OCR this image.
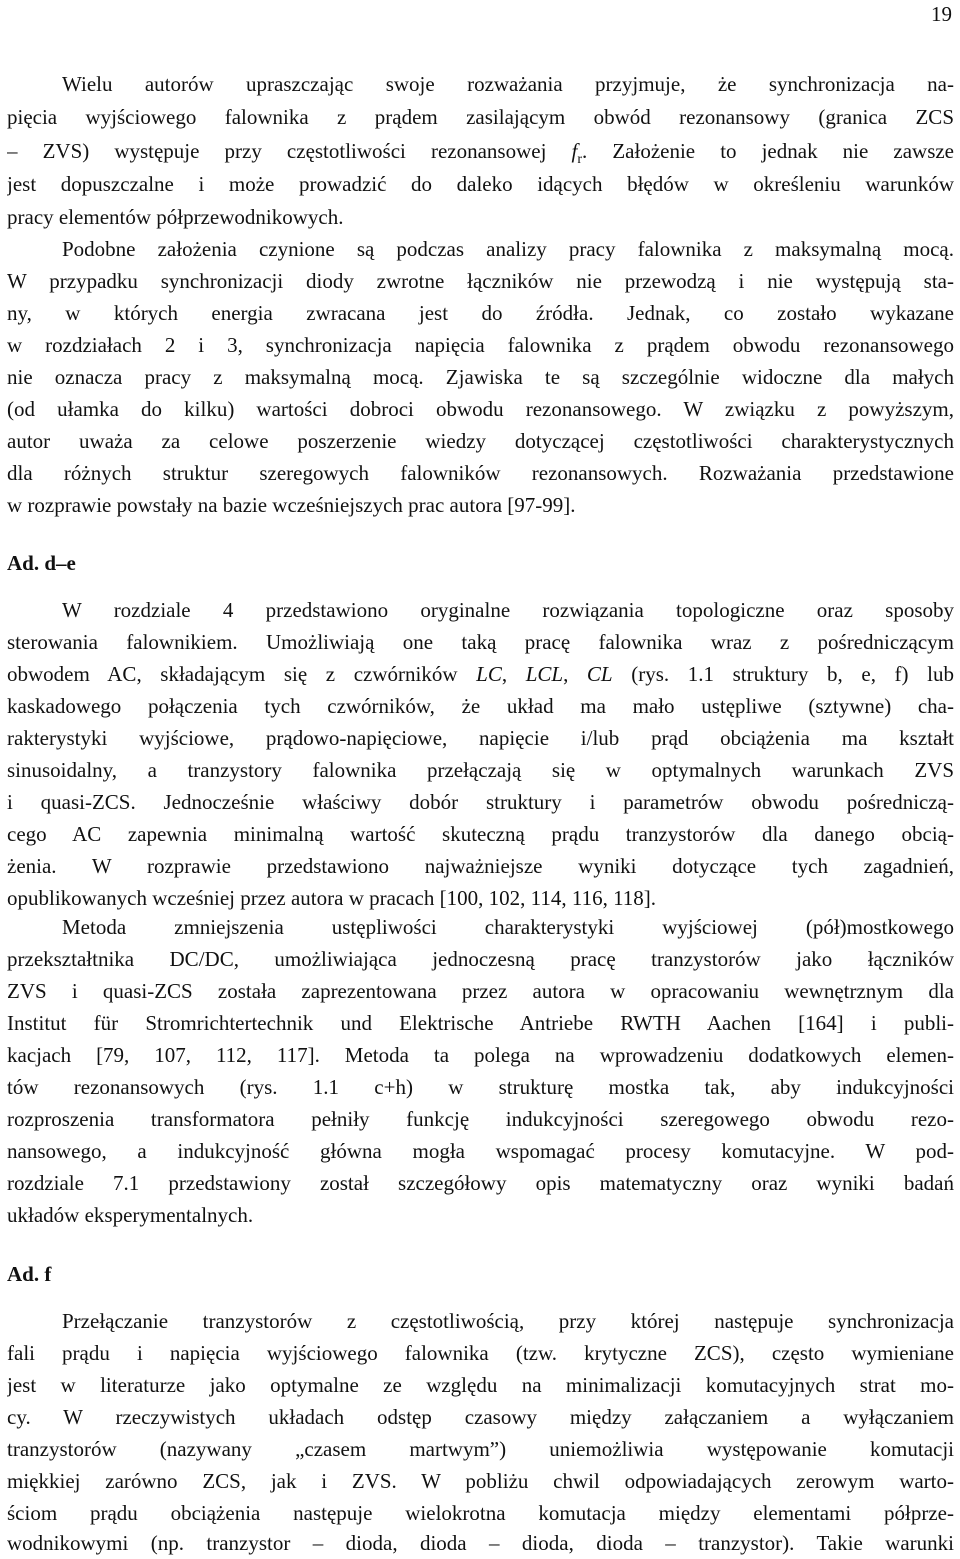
19
Wielu autorów upraszczając swoje rozważania przyjmuje, że synchronizacja na-
pięcia wyjściowego falownika z prądem zasilającym obwód rezonansowy (granica ZCS
– ZVS) występuje przy częstotliwości rezonansowej $f_r$. Założenie to jednak nie zawsze
jest dopuszczalne i może prowadzić do daleko idących błędów w określeniu warunków
pracy elementów półprzewodnikowych.
Podobne założenia czynione są podczas analizy pracy falownika z maksymalną mocą.
W przypadku synchronizacji diody zwrotne łączników nie przewodzą i nie występują sta-
ny, w których energia zwracana jest do źródła. Jednak, co zostało wykazane
w rozdziałach 2 i 3, synchronizacja napięcia falownika z prądem obwodu rezonansowego
nie oznacza pracy z maksymalną mocą. Zjawiska te są szczególnie widoczne dla małych
(od ułamka do kilku) wartości dobroci obwodu rezonansowego. W związku z powyższym,
autor uważa za celowe poszerzenie wiedzy dotyczącej częstotliwości charakterystycznych
dla różnych struktur szeregowych falowników rezonansowych. Rozważania przedstawione
w rozprawie powstały na bazie wcześniejszych prac autora [97-99].
Ad. d–e
W rozdziale 4 przedstawiono oryginalne rozwiązania topologiczne oraz sposoby
sterowania falownikiem. Umożliwiają one taką pracę falownika wraz z pośredniczącym
obwodem AC, składającym się z czwórników LC, LCL, CL (rys. 1.1 struktury b, e, f) lub
kaskadowego połączenia tych czwórników, że układ ma mało ustępliwe (sztywne) cha-
rakterystyki wyjściowe, prądowo-napięciowe, napięcie i/lub prąd obciążenia ma kształt
sinusoidalny, a tranzystory falownika przełączają się w optymalnych warunkach ZVS
i quasi-ZCS. Jednocześnie właściwy dobór struktury i parametrów obwodu pośredniczą-
cego AC zapewnia minimalną wartość skuteczną prądu tranzystorów dla danego obcią-
żenia. W rozprawie przedstawiono najważniejsze wyniki dotyczące tych zagadnień,
opublikowanych wcześniej przez autora w pracach [100, 102, 114, 116, 118].
Metoda zmniejszenia ustępliwości charakterystyki wyjściowej (pół)mostkowego
przekształtnika DC/DC, umożliwiająca jednoczesną pracę tranzystorów jako łączników
ZVS i quasi-ZCS została zaprezentowana przez autora w opracowaniu wewnętrznym dla
Institut für Stromrichtertechnik und Elektrische Antriebe RWTH Aachen [164] i publi-
kacjach [79, 107, 112, 117]. Metoda ta polega na wprowadzeniu dodatkowych elemen-
tów rezonansowych (rys. 1.1 c+h) w strukturę mostka tak, aby indukcyjności
rozproszenia transformatora pełniły funkcję indukcyjności szeregowego obwodu rezo-
nansowego, a indukcyjność główna mogła wspomagać procesy komutacyjne. W pod-
rozdziale 7.1 przedstawiony został szczegółowy opis matematyczny oraz wyniki badań
układów eksperymentalnych.
Ad. f
Przełączanie tranzystorów z częstotliwością, przy której następuje synchronizacja
fali prądu i napięcia wyjściowego falownika (tzw. krytyczne ZCS), często wymieniane
jest w literaturze jako optymalne ze względu na minimalizacji komutacyjnych strat mo-
cy. W rzeczywistych układach odstęp czasowy między załączaniem a wyłączaniem
tranzystorów (nazywany „czasem martwym”) uniemożliwia występowanie komutacji
miękkiej zarówno ZCS, jak i ZVS. W pobliżu chwil odpowiadających zerowym warto-
ściom prądu obciążenia następuje wielokrotna komutacja między elementami półprze-
wodnikowymi (np. tranzystor – dioda, dioda – dioda, dioda – tranzystor). Takie warunki
